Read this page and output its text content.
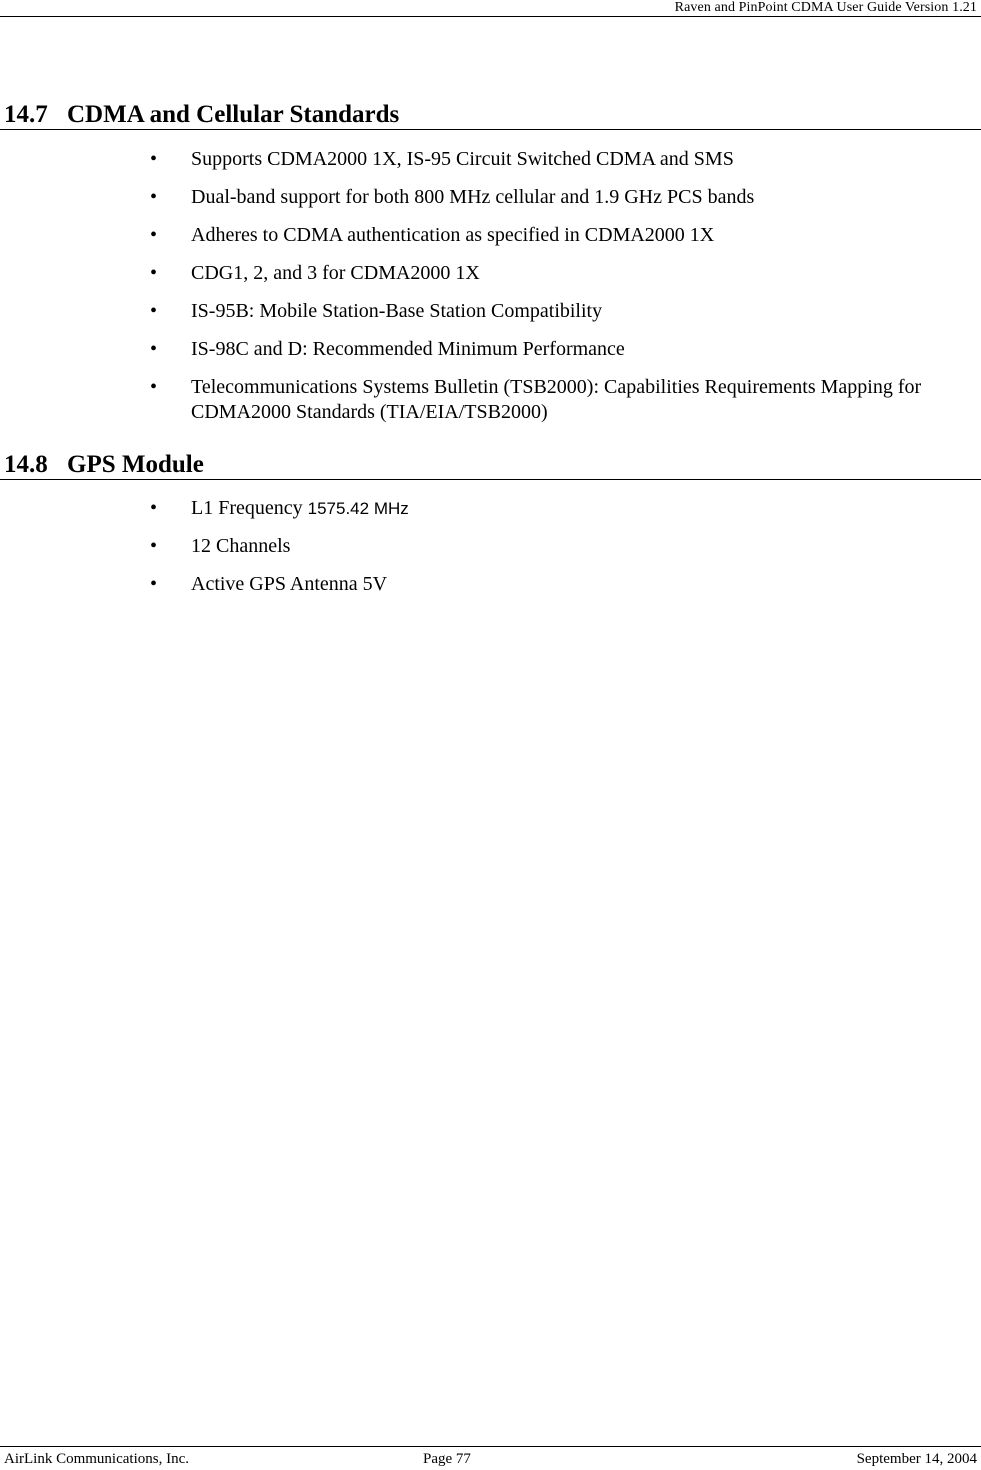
Raven and PinPoint CDMA User Guide Version 1.21
14.7 CDMA and Cellular Standards
• Supports CDMA2000 1X, IS-95 Circuit Switched CDMA and SMS
• Dual-band support for both 800 MHz cellular and 1.9 GHz PCS bands
• Adheres to CDMA authentication as specified in CDMA2000 1X
• CDG1, 2, and 3 for CDMA2000 1X
• IS-95B: Mobile Station-Base Station Compatibility
• IS-98C and D: Recommended Minimum Performance
• Telecommunications Systems Bulletin (TSB2000): Capabilities Requirements Mapping for CDMA2000 Standards (TIA/EIA/TSB2000)
14.8 GPS Module
• L1 Frequency 1575.42 MHz
• 12 Channels
• Active GPS Antenna 5V
AirLink Communications, Inc.	Page 77	September 14, 2004
